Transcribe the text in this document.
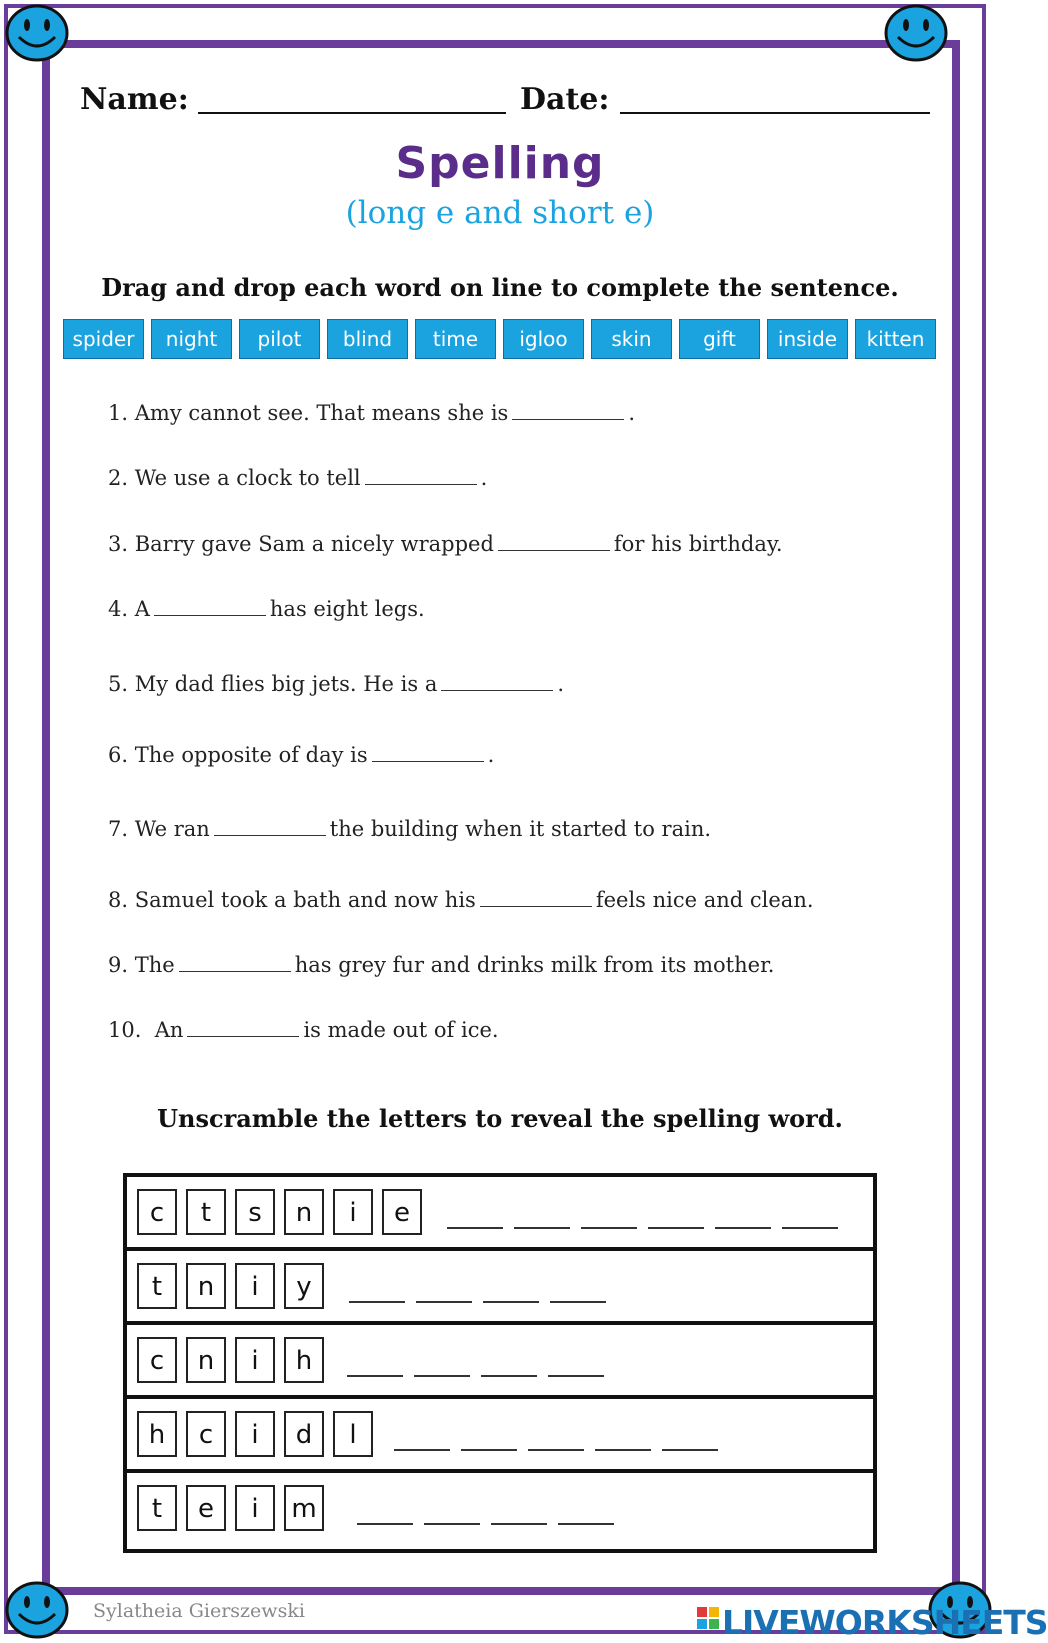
Name:	Date:
Spelling
(long e and short e)
Drag and drop each word on line to complete the sentence.
spider	night	pilot	blind	time	igloo	skin	gift	inside	kitten
1. Amy cannot see. That means she is	.
2. We use a clock to tell	.
3. Barry gave Sam a nicely wrapped	for his birthday.
4. A	has eight legs.
5. My dad flies big jets. He is a	.
6. The opposite of day is	.
7. We ran	the building when it started to rain.
8. Samuel took a bath and now his	feels nice and clean.
9. The	has grey fur and drinks milk from its mother.
10. An	is made out of ice.
Unscramble the letters to reveal the spelling word.
c	t	s	n	i	e
t	n	i	y
c	n	i	h
h	c	i	d	l
t	e	i	m
Sylatheia Gierszewski	LIVEWORKSHEETS
